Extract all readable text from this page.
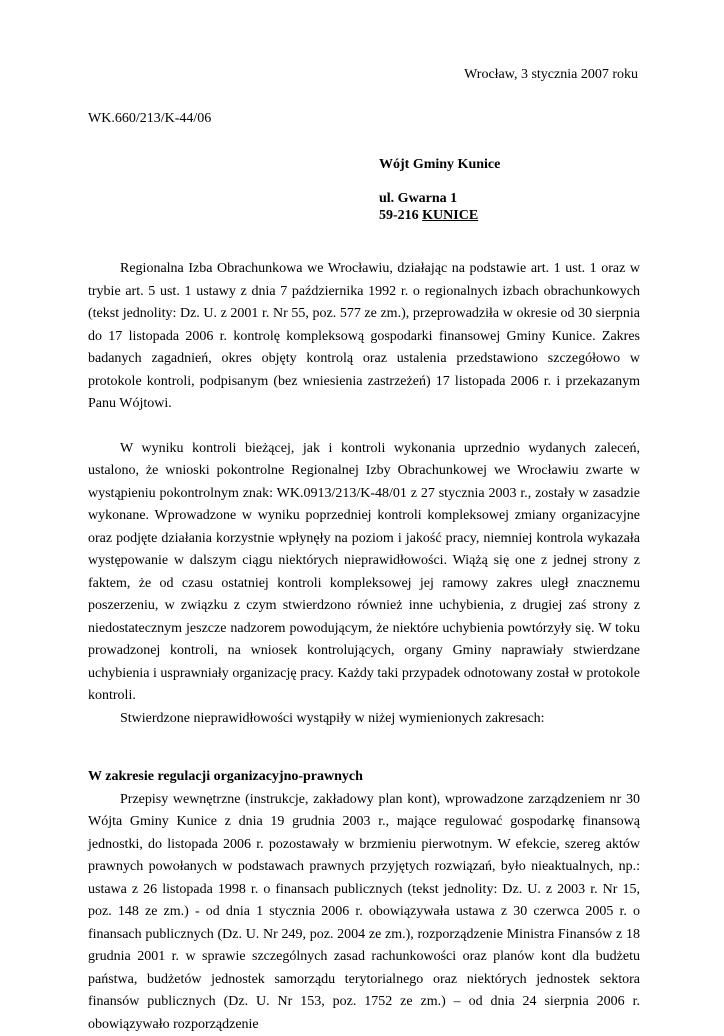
Wrocław, 3 stycznia 2007 roku
WK.660/213/K-44/06
Wójt Gminy Kunice
ul. Gwarna 1
59-216 KUNICE

Regionalna Izba Obrachunkowa we Wrocławiu, działając na podstawie art. 1 ust. 1 oraz w trybie art. 5 ust. 1 ustawy z dnia 7 października 1992 r. o regionalnych izbach obrachunkowych (tekst jednolity: Dz. U. z 2001 r. Nr 55, poz. 577 ze zm.), przeprowadziła w okresie od 30 sierpnia do 17 listopada 2006 r. kontrolę kompleksową gospodarki finansowej Gminy Kunice. Zakres badanych zagadnień, okres objęty kontrolą oraz ustalenia przedstawiono szczegółowo w protokole kontroli, podpisanym (bez wniesienia zastrzeżeń) 17 listopada 2006 r. i przekazanym Panu Wójtowi.

W wyniku kontroli bieżącej, jak i kontroli wykonania uprzednio wydanych zaleceń, ustalono, że wnioski pokontrolne Regionalnej Izby Obrachunkowej we Wrocławiu zwarte w wystąpieniu pokontrolnym znak: WK.0913/213/K-48/01 z 27 stycznia 2003 r., zostały w zasadzie wykonane. Wprowadzone w wyniku poprzedniej kontroli kompleksowej zmiany organizacyjne oraz podjęte działania korzystnie wpłynęły na poziom i jakość pracy, niemniej kontrola wykazała występowanie w dalszym ciągu niektórych nieprawidłowości. Wiążą się one z jednej strony z faktem, że od czasu ostatniej kontroli kompleksowej jej ramowy zakres uległ znacznemu poszerzeniu, w związku z czym stwierdzono również inne uchybienia, z drugiej zaś strony z niedostatecznym jeszcze nadzorem powodującym, że niektóre uchybienia powtórzyły się. W toku prowadzonej kontroli, na wniosek kontrolujących, organy Gminy naprawiały stwierdzane uchybienia i usprawniały organizację pracy. Każdy taki przypadek odnotowany został w protokole kontroli.

Stwierdzone nieprawidłowości wystąpiły w niżej wymienionych zakresach:

W zakresie regulacji organizacyjno-prawnych

Przepisy wewnętrzne (instrukcje, zakładowy plan kont), wprowadzone zarządzeniem nr 30 Wójta Gminy Kunice z dnia 19 grudnia 2003 r., mające regulować gospodarkę finansową jednostki, do listopada 2006 r. pozostawały w brzmieniu pierwotnym. W efekcie, szereg aktów prawnych powołanych w podstawach prawnych przyjętych rozwiązań, było nieaktualnych, np.: ustawa z 26 listopada 1998 r. o finansach publicznych (tekst jednolity: Dz. U. z 2003 r. Nr 15, poz. 148 ze zm.) - od dnia 1 stycznia 2006 r. obowiązywała ustawa z 30 czerwca 2005 r. o finansach publicznych (Dz. U. Nr 249, poz. 2004 ze zm.), rozporządzenie Ministra Finansów z 18 grudnia 2001 r. w sprawie szczególnych zasad rachunkowości oraz planów kont dla budżetu państwa, budżetów jednostek samorządu terytorialnego oraz niektórych jednostek sektora finansów publicznych (Dz. U. Nr 153, poz. 1752 ze zm.) – od dnia 24 sierpnia 2006 r. obowiązywało rozporządzenie
